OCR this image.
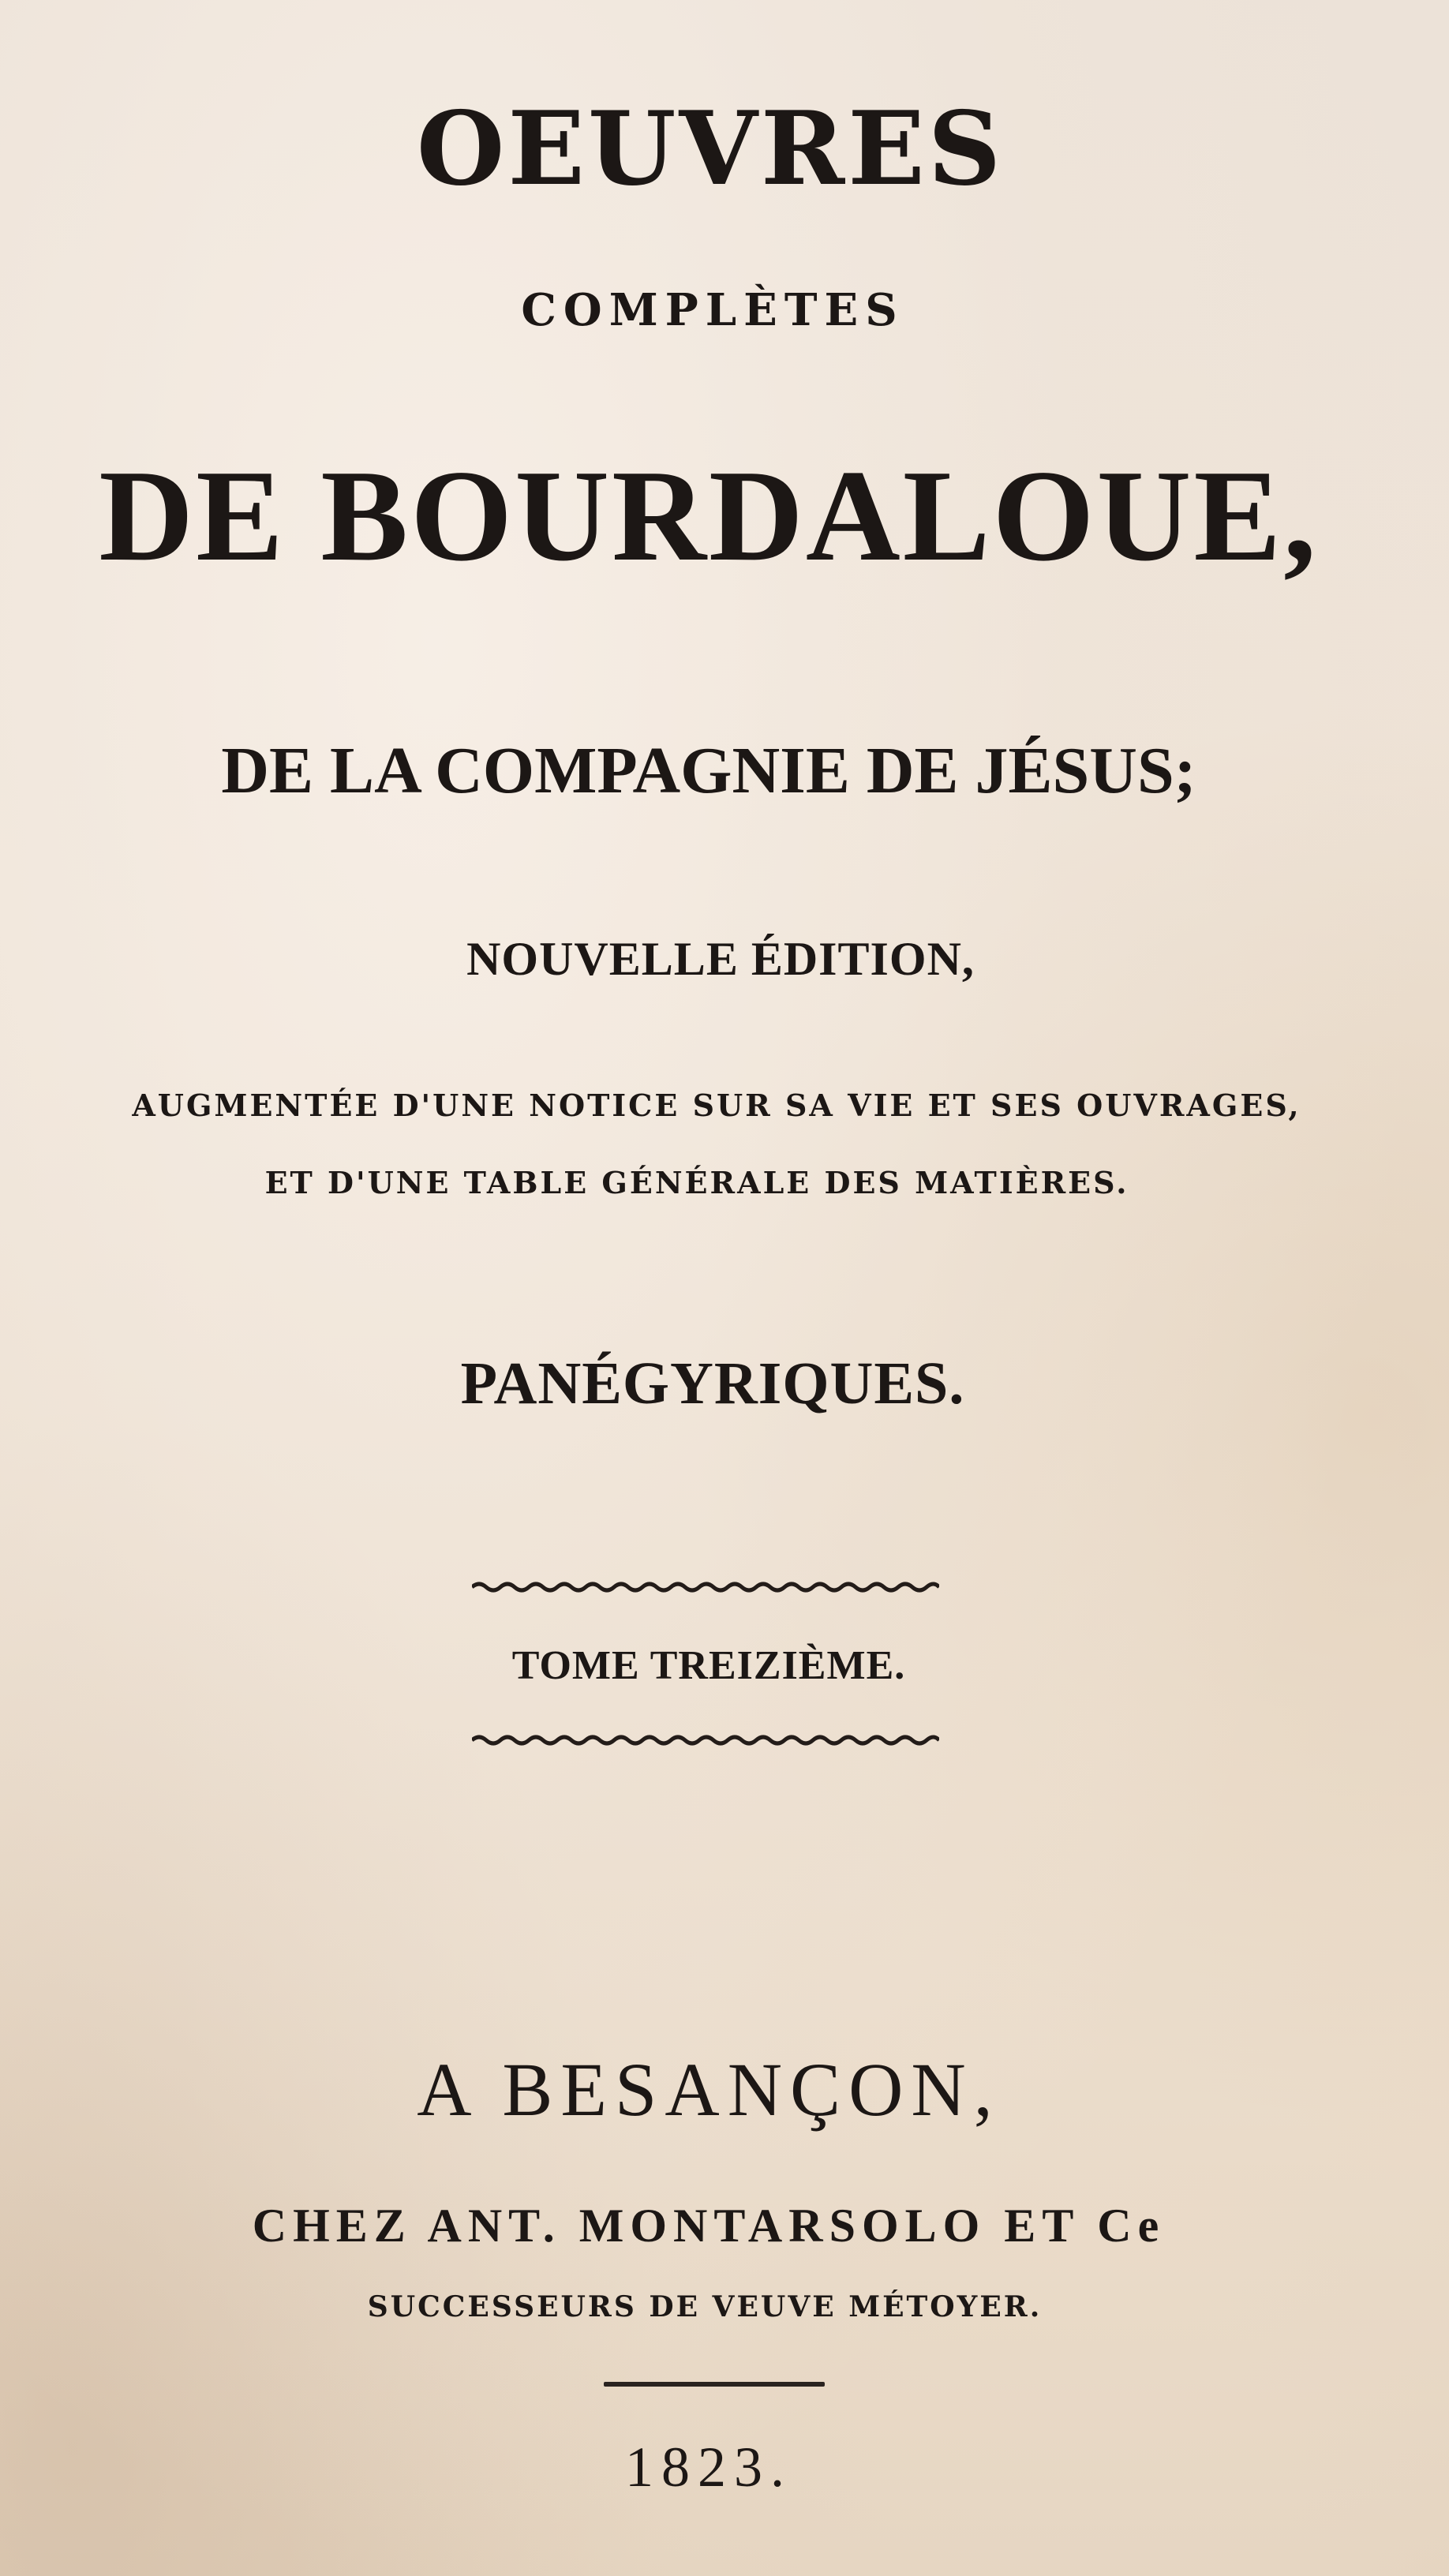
OEUVRES
COMPLÈTES
DE BOURDALOUE,
DE LA COMPAGNIE DE JÉSUS;
NOUVELLE ÉDITION,
AUGMENTÉE D'UNE NOTICE SUR SA VIE ET SES OUVRAGES,
ET D'UNE TABLE GÉNÉRALE DES MATIÈRES.
PANÉGYRIQUES.
TOME TREIZIÈME.
A BESANÇON,
CHEZ ANT. MONTARSOLO ET Ce
SUCCESSEURS DE VEUVE MÉTOYER.
1823.
